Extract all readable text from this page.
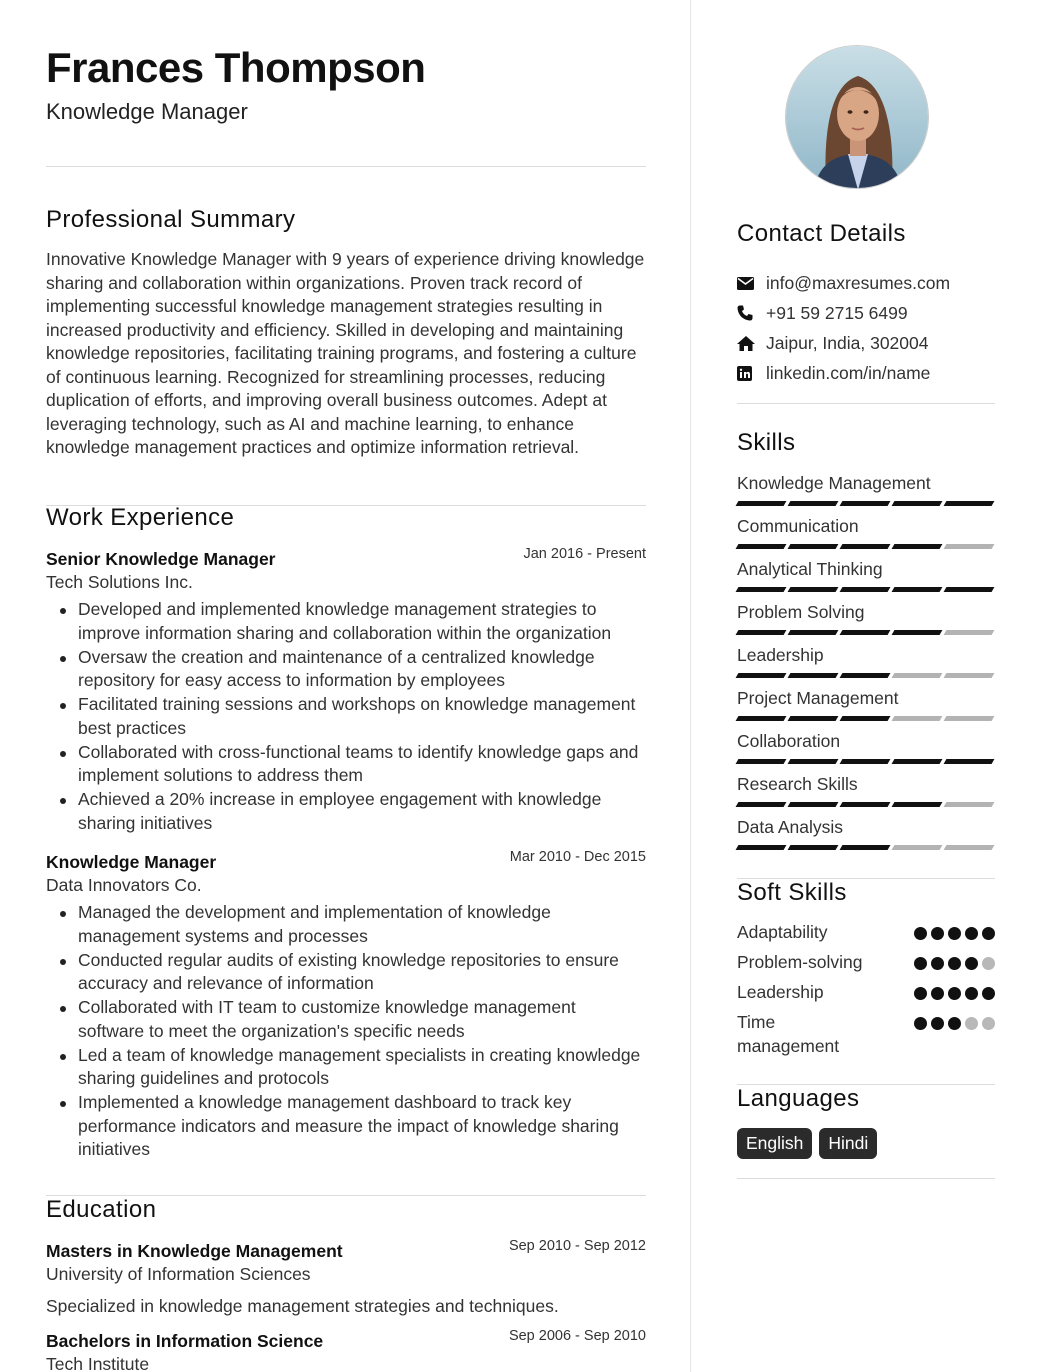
Frances Thompson
Knowledge Manager
Professional Summary
Innovative Knowledge Manager with 9 years of experience driving knowledge sharing and collaboration within organizations. Proven track record of implementing successful knowledge management strategies resulting in increased productivity and efficiency. Skilled in developing and maintaining knowledge repositories, facilitating training programs, and fostering a culture of continuous learning. Recognized for streamlining processes, reducing duplication of efforts, and improving overall business outcomes. Adept at leveraging technology, such as AI and machine learning, to enhance knowledge management practices and optimize information retrieval.
Work Experience
Senior Knowledge Manager	Jan 2016 - Present
Tech Solutions Inc.
Developed and implemented knowledge management strategies to improve information sharing and collaboration within the organization
Oversaw the creation and maintenance of a centralized knowledge repository for easy access to information by employees
Facilitated training sessions and workshops on knowledge management best practices
Collaborated with cross-functional teams to identify knowledge gaps and implement solutions to address them
Achieved a 20% increase in employee engagement with knowledge sharing initiatives
Knowledge Manager	Mar 2010 - Dec 2015
Data Innovators Co.
Managed the development and implementation of knowledge management systems and processes
Conducted regular audits of existing knowledge repositories to ensure accuracy and relevance of information
Collaborated with IT team to customize knowledge management software to meet the organization's specific needs
Led a team of knowledge management specialists in creating knowledge sharing guidelines and protocols
Implemented a knowledge management dashboard to track key performance indicators and measure the impact of knowledge sharing initiatives
Education
Masters in Knowledge Management	Sep 2010 - Sep 2012
University of Information Sciences
Specialized in knowledge management strategies and techniques.
Bachelors in Information Science	Sep 2006 - Sep 2010
Tech Institute
Contact Details
info@maxresumes.com
+91 59 2715 6499
Jaipur, India, 302004
linkedin.com/in/name
Skills
Knowledge Management
Communication
Analytical Thinking
Problem Solving
Leadership
Project Management
Collaboration
Research Skills
Data Analysis
Soft Skills
Adaptability
Problem-solving
Leadership
Time management
Languages
English	Hindi
